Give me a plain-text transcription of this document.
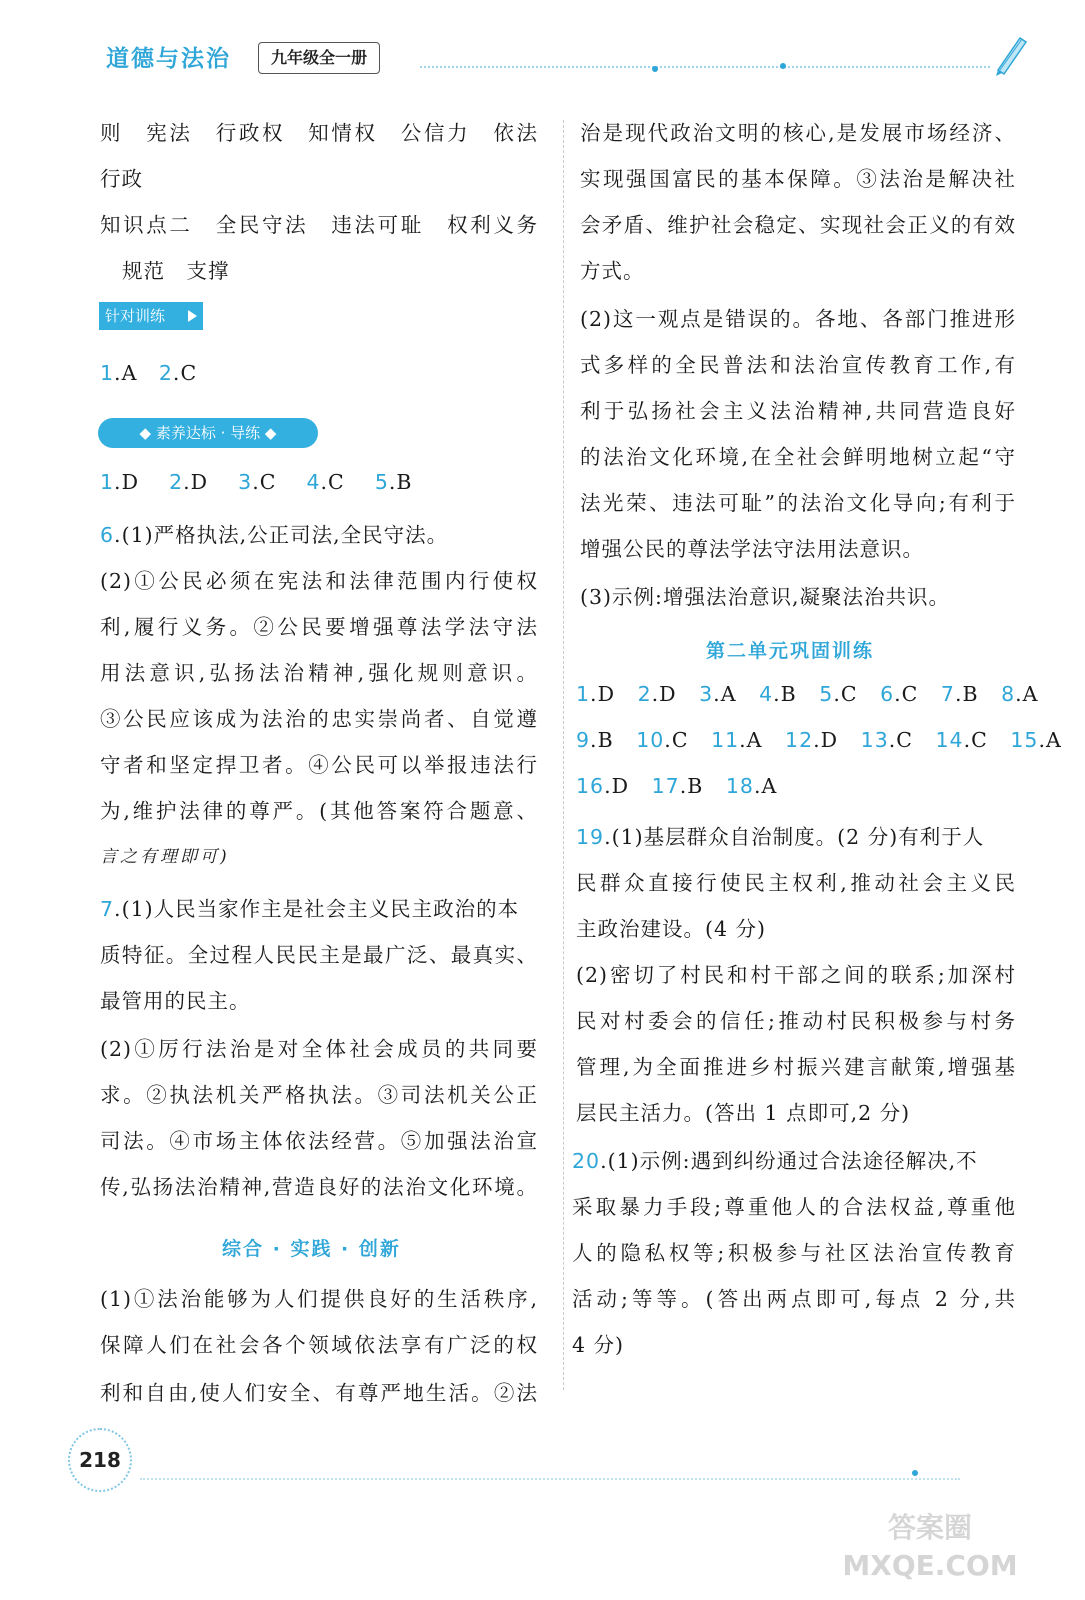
道德与法治	九年级全一册
则　宪法　行政权　知情权　公信力　依法
行政
知识点二　全民守法　违法可耻　权利义务
规范　支撑
针对训练
1.A　2.C
◆ 素养达标 · 导练 ◆
1.D 2.D 3.C 4.C 5.B
6.(1)严格执法,公正司法,全民守法。
(2)①公民必须在宪法和法律范围内行使权
利,履行义务。②公民要增强尊法学法守法
用法意识,弘扬法治精神,强化规则意识。
③公民应该成为法治的忠实崇尚者、自觉遵
守者和坚定捍卫者。④公民可以举报违法行
为,维护法律的尊严。(其他答案符合题意、
言之有理即可)
7.(1)人民当家作主是社会主义民主政治的本
质特征。全过程人民民主是最广泛、最真实、
最管用的民主。
(2)①厉行法治是对全体社会成员的共同要
求。②执法机关严格执法。③司法机关公正
司法。④市场主体依法经营。⑤加强法治宣
传,弘扬法治精神,营造良好的法治文化环境。
综合 · 实践 · 创新
(1)①法治能够为人们提供良好的生活秩序,
保障人们在社会各个领域依法享有广泛的权
利和自由,使人们安全、有尊严地生活。②法
治是现代政治文明的核心,是发展市场经济、
实现强国富民的基本保障。③法治是解决社
会矛盾、维护社会稳定、实现社会正义的有效
方式。
(2)这一观点是错误的。各地、各部门推进形
式多样的全民普法和法治宣传教育工作,有
利于弘扬社会主义法治精神,共同营造良好
的法治文化环境,在全社会鲜明地树立起“守
法光荣、违法可耻”的法治文化导向;有利于
增强公民的尊法学法守法用法意识。
(3)示例:增强法治意识,凝聚法治共识。
第二单元巩固训练
1.D 2.D 3.A 4.B 5.C 6.C 7.B 8.A
9.B 10.C 11.A 12.D 13.C 14.C 15.A
16.D 17.B 18.A
19.(1)基层群众自治制度。(2 分)有利于人
民群众直接行使民主权利,推动社会主义民
主政治建设。(4 分)
(2)密切了村民和村干部之间的联系;加深村
民对村委会的信任;推动村民积极参与村务
管理,为全面推进乡村振兴建言献策,增强基
层民主活力。(答出 1 点即可,2 分)
20.(1)示例:遇到纠纷通过合法途径解决,不
采取暴力手段;尊重他人的合法权益,尊重他
人的隐私权等;积极参与社区法治宣传教育
活动;等等。(答出两点即可,每点 2 分,共
4 分)
218
答案圈
MXQE.COM
